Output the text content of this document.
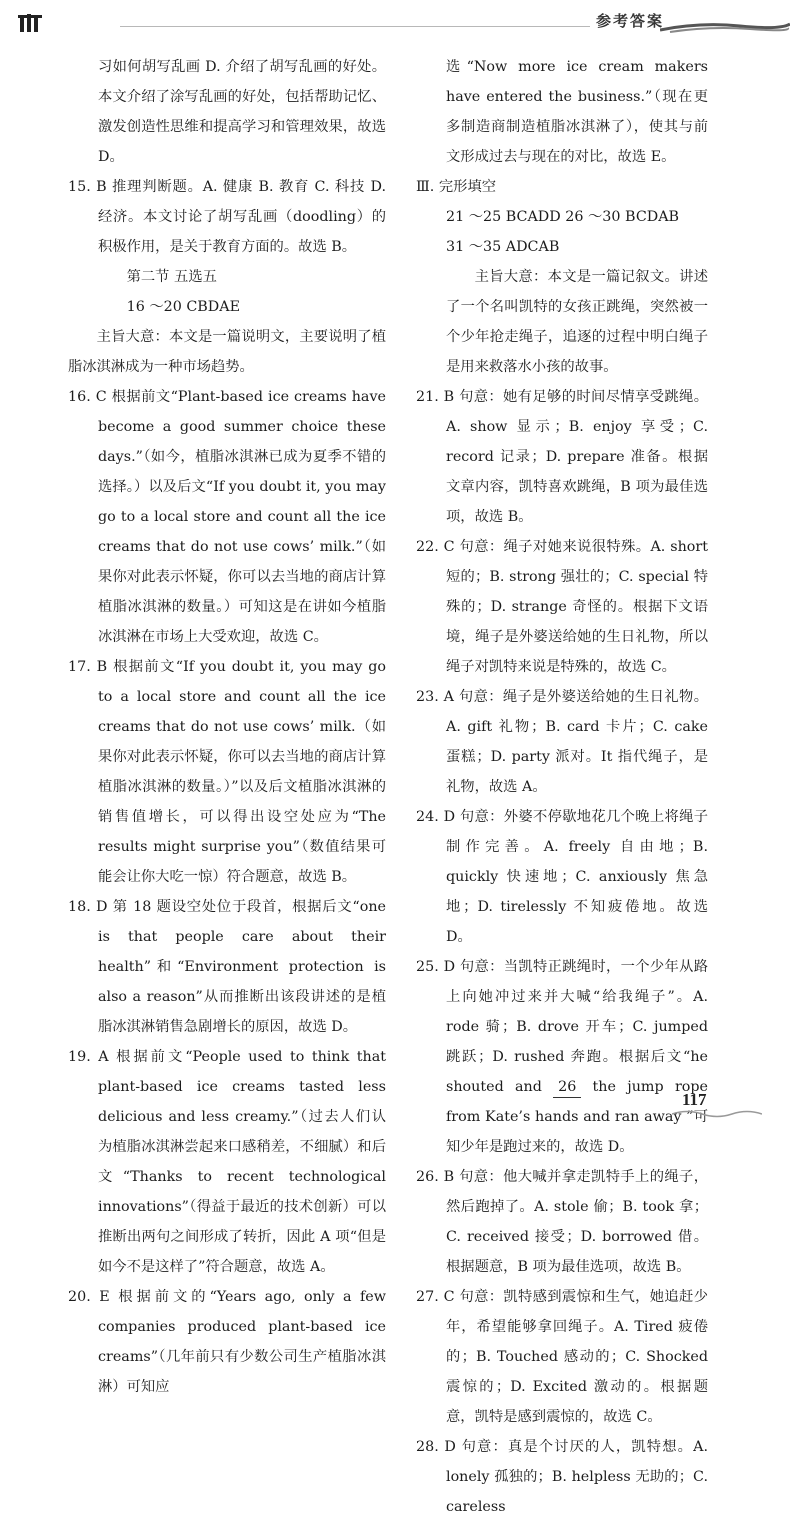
参考答案

习如何胡写乱画 D. 介绍了胡写乱画的好处。本文介绍了涂写乱画的好处，包括帮助记忆、激发创造性思维和提高学习和管理效果，故选 D。

15. B 推理判断题。A. 健康 B. 教育 C. 科技 D. 经济。本文讨论了胡写乱画（doodling）的积极作用，是关于教育方面的。故选 B。

第二节 五选五

16 ～20 CBDAE

主旨大意：本文是一篇说明文，主要说明了植脂冰淇淋成为一种市场趋势。

16. C 根据前文“Plant-based ice creams have become a good summer choice these days.”（如今，植脂冰淇淋已成为夏季不错的选择。）以及后文“If you doubt it, you may go to a local store and count all the ice creams that do not use cows’ milk.”（如果你对此表示怀疑，你可以去当地的商店计算植脂冰淇淋的数量。）可知这是在讲如今植脂冰淇淋在市场上大受欢迎，故选 C。

17. B 根据前文“If you doubt it, you may go to a local store and count all the ice creams that do not use cows’ milk.（如果你对此表示怀疑，你可以去当地的商店计算植脂冰淇淋的数量。）”以及后文植脂冰淇淋的销售值增长，可以得出设空处应为“The results might surprise you”（数值结果可能会让你大吃一惊）符合题意，故选 B。

18. D 第 18 题设空处位于段首，根据后文“one is that people care about their health”和“Environment protection is also a reason”从而推断出该段讲述的是植脂冰淇淋销售急剧增长的原因，故选 D。

19. A 根据前文“People used to think that plant-based ice creams tasted less delicious and less creamy.”（过去人们认为植脂冰淇淋尝起来口感稍差，不细腻）和后文“Thanks to recent technological innovations”（得益于最近的技术创新）可以推断出两句之间形成了转折，因此 A 项“但是如今不是这样了”符合题意，故选 A。

20. E 根据前文的“Years ago, only a few companies produced plant-based ice creams”（几年前只有少数公司生产植脂冰淇淋）可知应

选“Now more ice cream makers have entered the business.”（现在更多制造商制造植脂冰淇淋了），使其与前文形成过去与现在的对比，故选 E。

Ⅲ. 完形填空

21 ～25 BCADD 26 ～30 BCDAB

31 ～35 ADCAB

主旨大意：本文是一篇记叙文。讲述了一个名叫凯特的女孩正跳绳，突然被一个少年抢走绳子，追逐的过程中明白绳子是用来救落水小孩的故事。

21. B 句意：她有足够的时间尽情享受跳绳。A. show 显示；B. enjoy 享受；C. record 记录；D. prepare 准备。根据文章内容，凯特喜欢跳绳，B 项为最佳选项，故选 B。

22. C 句意：绳子对她来说很特殊。A. short 短的；B. strong 强壮的；C. special 特殊的；D. strange 奇怪的。根据下文语境，绳子是外婆送给她的生日礼物，所以绳子对凯特来说是特殊的，故选 C。

23. A 句意：绳子是外婆送给她的生日礼物。A. gift 礼物；B. card 卡片；C. cake 蛋糕；D. party 派对。It 指代绳子，是礼物，故选 A。

24. D 句意：外婆不停歇地花几个晚上将绳子制作完善。A. freely 自由地；B. quickly 快速地；C. anxiously 焦急地；D. tirelessly 不知疲倦地。故选 D。

25. D 句意：当凯特正跳绳时，一个少年从路上向她冲过来并大喊“给我绳子”。A. rode 骑；B. drove 开车；C. jumped 跳跃；D. rushed 奔跑。根据后文“he shouted and 26 the jump rope from Kate’s hands and ran away ”可知少年是跑过来的，故选 D。

26. B 句意：他大喊并拿走凯特手上的绳子，然后跑掉了。A. stole 偷；B. took 拿；C. received 接受；D. borrowed 借。根据题意，B 项为最佳选项，故选 B。

27. C 句意：凯特感到震惊和生气，她追赶少年，希望能够拿回绳子。A. Tired 疲倦的；B. Touched 感动的；C. Shocked 震惊的；D. Excited 激动的。根据题意，凯特是感到震惊的，故选 C。

28. D 句意：真是个讨厌的人，凯特想。A. lonely 孤独的；B. helpless 无助的；C. careless

117
